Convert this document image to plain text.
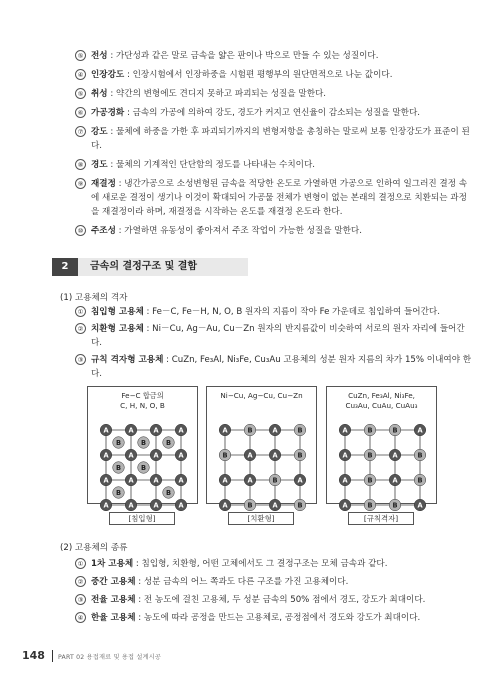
⑤ 전성 : 가단성과 같은 말로 금속을 얇은 판이나 박으로 만들 수 있는 성질이다.
④ 인장강도 : 인장시험에서 인장하중을 시험편 평행부의 원단면적으로 나눈 값이다.
⑤ 취성 : 약간의 변형에도 견디지 못하고 파괴되는 성질을 말한다.
⑥ 가공경화 : 금속의 가공에 의하여 강도, 경도가 커지고 연신율이 감소되는 성질을 말한다.
⑦ 강도 : 물체에 하중을 가한 후 파괴되기까지의 변형저항을 총칭하는 말로써 보통 인장강도가 표준이 된다.
⑧ 경도 : 물체의 기계적인 단단함의 정도를 나타내는 수치이다.
⑨ 재결정 : 냉간가공으로 소성변형된 금속을 적당한 온도로 가열하면 가공으로 인하여 일그러진 결정 속에 새로운 결정이 생기나 이것이 확대되어 가공물 전체가 변형이 없는 본래의 결정으로 치환되는 과정을 재결정이라 하며, 재결정을 시작하는 온도를 재결정 온도라 한다.
⑩ 주조성 : 가열하면 유동성이 좋아져서 주조 작업이 가능한 성질을 말한다.
2	금속의 결정구조 및 결함
(1) 고용체의 격자
① 침입형 고용체 : Fe－C, Fe－H, N, O, B 원자의 지름이 작아 Fe 가운데로 침입하여 들어간다.
② 치환형 고용체 : Ni－Cu, Ag－Au, Cu－Zn 원자의 반지름값이 비슷하여 서로의 원자 자리에 들어간다.
③ 규칙 격자형 고용체 : CuZn, Fe₃Al, Ni₃Fe, Cu₃Au 고용체의 성분 원자 지름의 차가 15% 이내여야 한다.
Fe−C 합금의
C, H, N, O, B
A	A	A	A
A	A	A	A
A	A	A	A
A	A	A	A
B	B
B	B
B
B
B
Ni−Cu, Ag−Cu, Cu−Zn
A	B	A	B
B	A	A	B
A	A	B	A
A	B	A	B
CuZn, Fe₃Al, Ni₃Fe,
Cu₃Au, CuAu, CuAu₃
A	B	B	A
A	B	A	B
A	B	A	B
A	B	B	A
[침입형]	[치환형]	[규칙격자]
(2) 고용체의 종류
① 1차 고용체 : 침입형, 치환형, 어떤 고체에서도 그 결정구조는 모체 금속과 같다.
② 중간 고용체 : 성분 금속의 어느 쪽과도 다른 구조를 가진 고용체이다.
③ 전율 고용체 : 전 농도에 걸친 고용체, 두 성분 금속의 50% 점에서 경도, 강도가 최대이다.
④ 한율 고용체 : 농도에 따라 공정을 만드는 고용체로, 공정점에서 경도와 강도가 최대이다.
148 PART 02 용접재료 및 용접 설계시공
